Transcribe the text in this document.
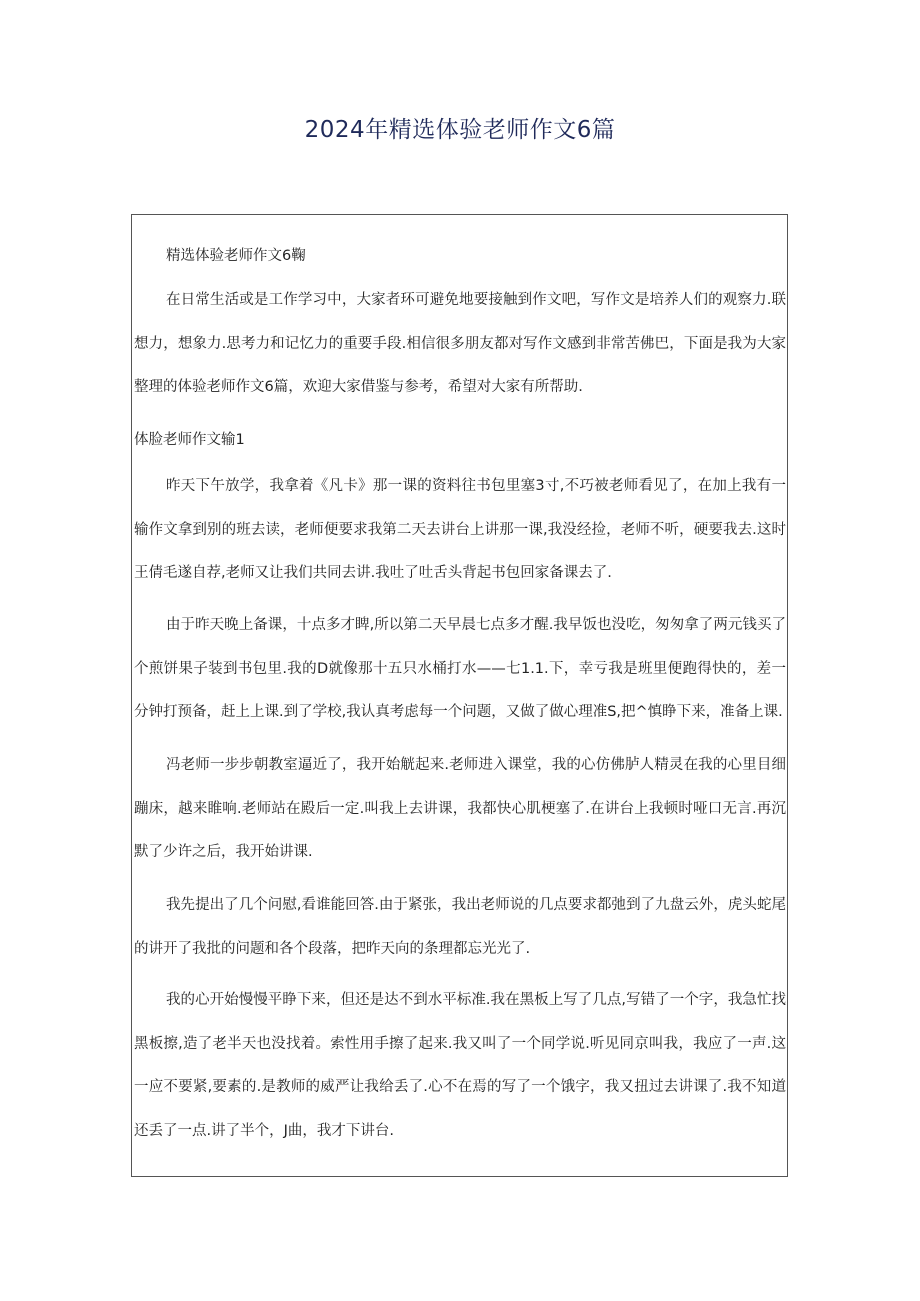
2024年精选体验老师作文6篇

精选体验老师作文6鞠

在日常生活或是工作学习中，大家者环可避免地要接触到作文吧，写作文是培养人们的观察力.联想力，想象力.思考力和记忆力的重要手段.相信很多朋友都对写作文感到非常苦佛巴，下面是我为大家整理的体验老师作文6篇，欢迎大家借鉴与参考，希望对大家有所帮助.

体脸老师作文输1

昨天下午放学，我拿着《凡卡》那一课的资料往书包里塞3寸,不巧被老师看见了，在加上我有一输作文拿到别的班去读，老师便要求我第二天去讲台上讲那一课,我没经捡，老师不听，硬要我去.这时王倩毛遂自荐,老师又让我们共同去讲.我吐了吐舌头背起书包回家备课去了.

由于昨天晚上备课，十点多才睥,所以第二天早晨七点多才醒.我早饭也没吃，匆匆拿了两元钱买了个煎饼果子装到书包里.我的D就像那十五只水桶打水——七1.1.下，幸亏我是班里便跑得快的，差一分钟打预备，赶上上课.到了学校,我认真考虑每一个问题，又做了做心理准S,把^慎睁下来，准备上课.

冯老师一步步朝教室逼近了，我开始觥起来.老师进入课堂，我的心仿佛胪人精灵在我的心里目细蹦床，越来睢响.老师站在殿后一定.叫我上去讲课，我都快心肌梗塞了.在讲台上我顿时哑口无言.再沉默了少许之后，我开始讲课.

我先提出了几个问慰,看谁能回答.由于紧张，我出老师说的几点要求都弛到了九盘云外，虎头蛇尾的讲开了我批的问题和各个段落，把昨天向的条理都忘光光了.

我的心开始慢慢平睁下来，但还是达不到水平标准.我在黑板上写了几点,写错了一个字，我急忙找黑板擦,造了老半天也没找着。索性用手擦了起来.我又叫了一个同学说.听见同京叫我，我应了一声.这一应不要紧,要素的.是教师的威严让我给丢了.心不在焉的写了一个饿字，我又扭过去讲课了.我不知道还丢了一点.讲了半个，J曲，我才下讲台.
